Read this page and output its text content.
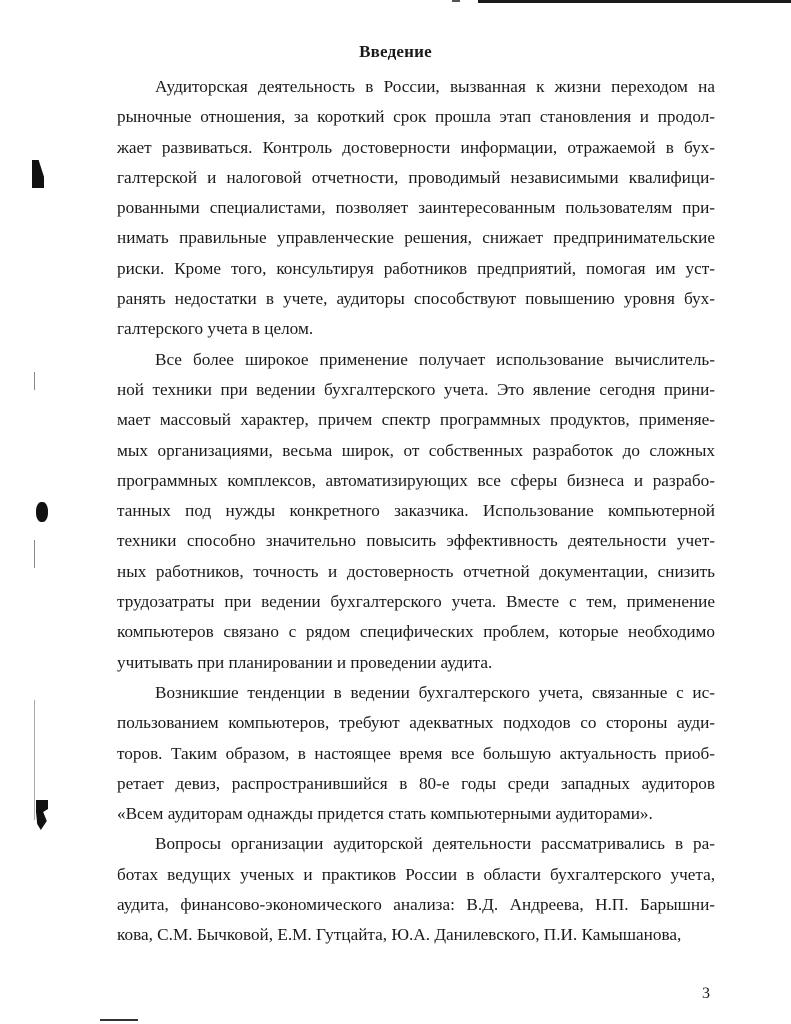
Введение
Аудиторская деятельность в России, вызванная к жизни переходом на
рыночные отношения, за короткий срок прошла этап становления и продол-
жает развиваться. Контроль достоверности информации, отражаемой в бух-
галтерской и налоговой отчетности, проводимый независимыми квалифици-
рованными специалистами, позволяет заинтересованным пользователям при-
нимать правильные управленческие решения, снижает предпринимательские
риски. Кроме того, консультируя работников предприятий, помогая им уст-
ранять недостатки в учете, аудиторы способствуют повышению уровня бух-
галтерского учета в целом.
Все более широкое применение получает использование вычислитель-
ной техники при ведении бухгалтерского учета. Это явление сегодня прини-
мает массовый характер, причем спектр программных продуктов, применяе-
мых организациями, весьма широк, от собственных разработок до сложных
программных комплексов, автоматизирующих все сферы бизнеса и разрабо-
танных под нужды конкретного заказчика. Использование компьютерной
техники способно значительно повысить эффективность деятельности учет-
ных работников, точность и достоверность отчетной документации, снизить
трудозатраты при ведении бухгалтерского учета. Вместе с тем, применение
компьютеров связано с рядом специфических проблем, которые необходимо
учитывать при планировании и проведении аудита.
Возникшие тенденции в ведении бухгалтерского учета, связанные с ис-
пользованием компьютеров, требуют адекватных подходов со стороны ауди-
торов. Таким образом, в настоящее время все большую актуальность приоб-
ретает девиз, распространившийся в 80-е годы среди западных аудиторов
«Всем аудиторам однажды придется стать компьютерными аудиторами».
Вопросы организации аудиторской деятельности рассматривались в ра-
ботах ведущих ученых и практиков России в области бухгалтерского учета,
аудита, финансово-экономического анализа: В.Д. Андреева, Н.П. Барышни-
кова, С.М. Бычковой, Е.М. Гутцайта, Ю.А. Данилевского, П.И. Камышанова,
3
